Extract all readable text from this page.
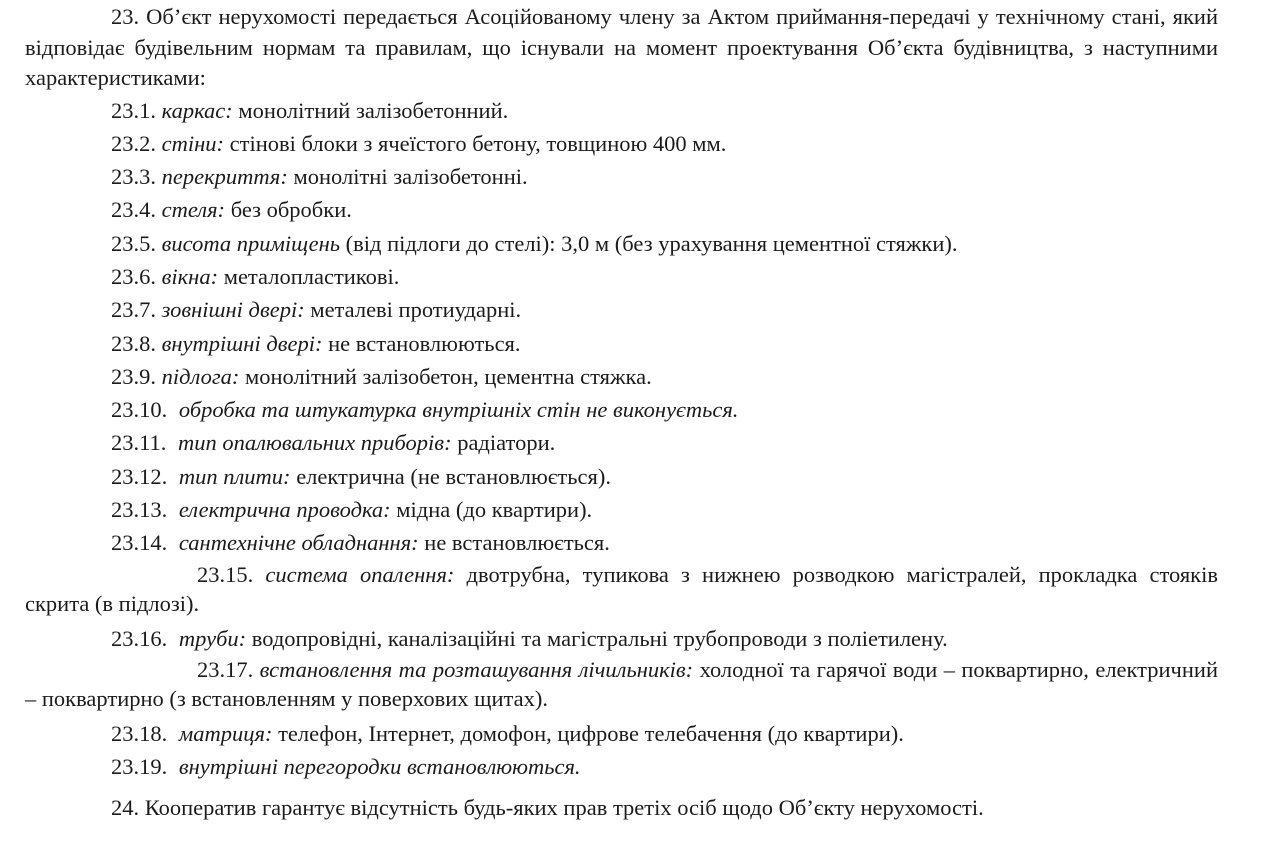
23. Об’єкт нерухомості передається Асоційованому члену за Актом приймання-передачі у технічному стані, який відповідає будівельним нормам та правилам, що існували на момент проектування Об’єкта будівництва, з наступними характеристиками:

23.1. каркас: монолітний залізобетонний.
23.2. стіни: стінові блоки з ячеїстого бетону, товщиною 400 мм.
23.3. перекриття: монолітні залізобетонні.
23.4. стеля: без обробки.
23.5. висота приміщень (від підлоги до стелі): 3,0 м (без урахування цементної стяжки).
23.6. вікна: металопластикові.
23.7. зовнішні двері: металеві протиударні.
23.8. внутрішні двері: не встановлюються.
23.9. підлога: монолітний залізобетон, цементна стяжка.
23.10. обробка та штукатурка внутрішніх стін не виконується.
23.11. тип опалювальних приборів: радіатори.
23.12. тип плити: електрична (не встановлюється).
23.13. електрична проводка: мідна (до квартири).
23.14. сантехнічне обладнання: не встановлюється.
23.15. система опалення: двотрубна, тупикова з нижнею розводкою магістралей, прокладка стояків скрита (в підлозі).
23.16. труби: водопровідні, каналізаційні та магістральні трубопроводи з поліетилену.
23.17. встановлення та розташування лічильників: холодної та гарячої води – поквартирно, електричний – поквартирно (з встановленням у поверхових щитах).
23.18. матриця: телефон, Інтернет, домофон, цифрове телебачення (до квартири).
23.19. внутрішні перегородки встановлюються.

24. Кооператив гарантує відсутність будь-яких прав третіх осіб щодо Об’єкту нерухомості.
